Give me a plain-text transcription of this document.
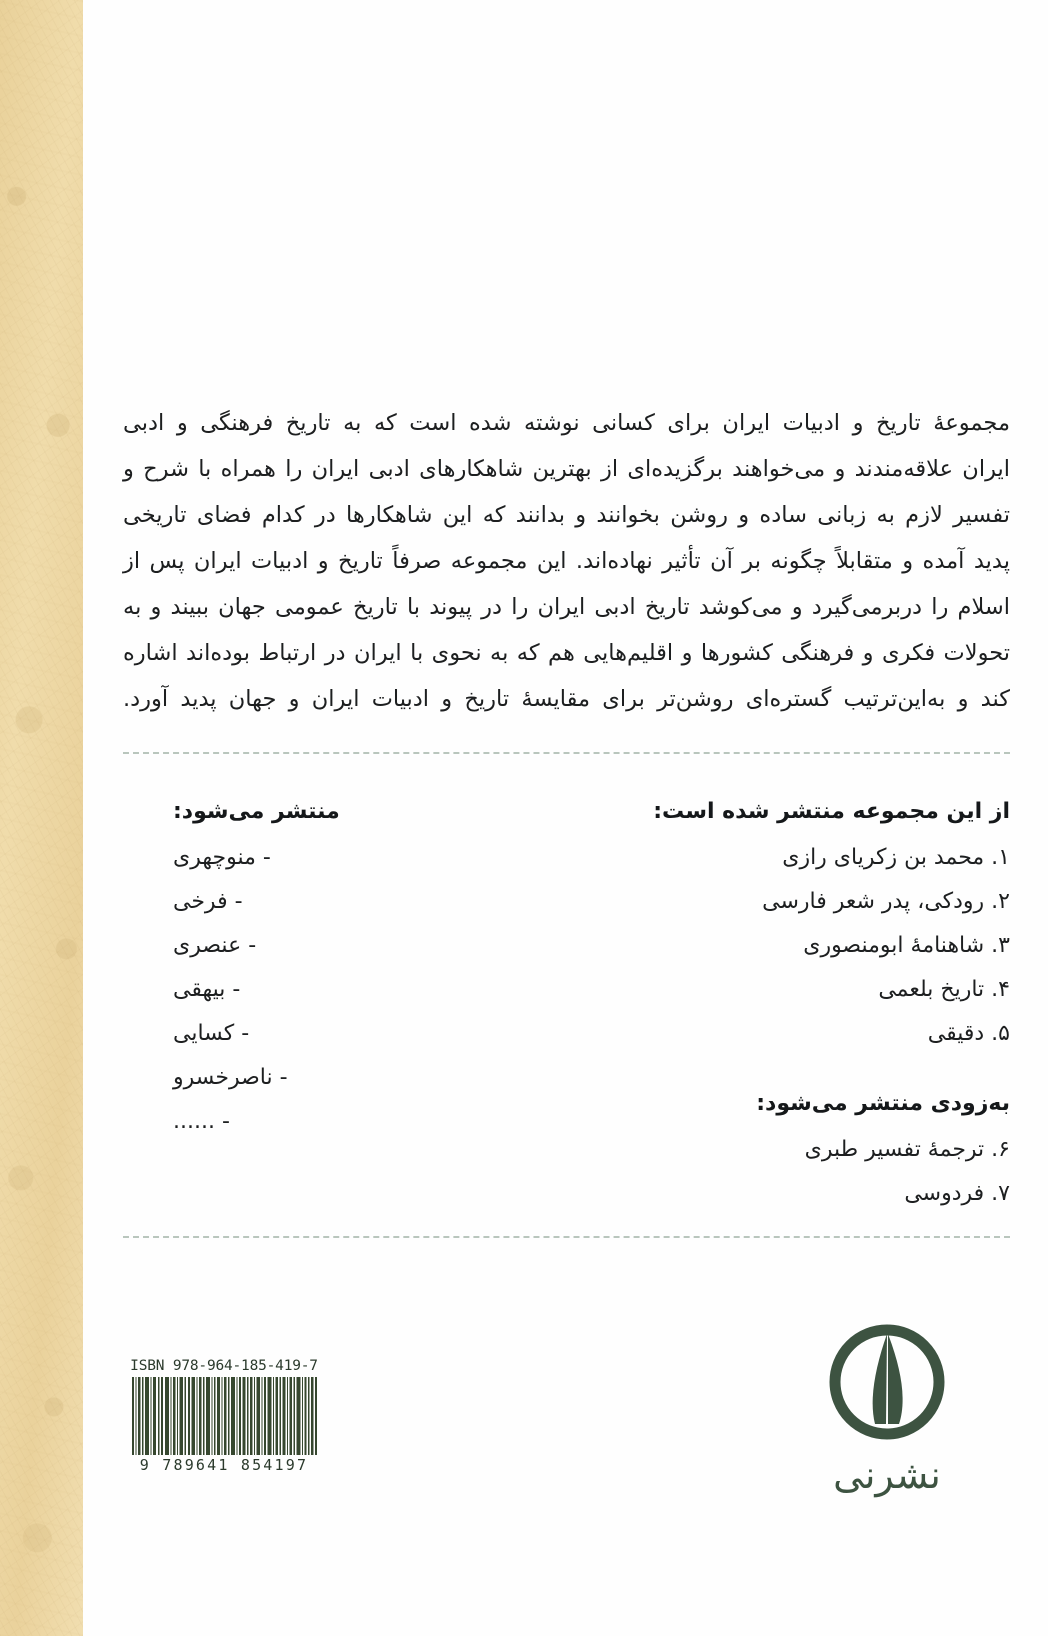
مجموعهٔ تاریخ و ادبیات ایران برای کسانی نوشته شده است که به تاریخ فرهنگی و ادبی
ایران علاقه‌مندند و می‌خواهند برگزیده‌ای از بهترین شاهکارهای ادبی ایران را همراه با شرح و
تفسیر لازم به زبانی ساده و روشن بخوانند و بدانند که این شاهکارها در کدام فضای تاریخی
پدید آمده و متقابلاً چگونه بر آن تأثیر نهاده‌اند. این مجموعه صرفاً تاریخ و ادبیات ایران پس از
اسلام را دربرمی‌گیرد و می‌کوشد تاریخ ادبی ایران را در پیوند با تاریخ عمومی جهان ببیند و به
تحولات فکری و فرهنگی کشورها و اقلیم‌هایی هم که به نحوی با ایران در ارتباط بوده‌اند اشاره
کند و به‌این‌ترتیب گستره‌ای روشن‌تر برای مقایسهٔ تاریخ و ادبیات ایران و جهان پدید آورد.
از این مجموعه منتشر شده است:
۱. محمد بن زکریای رازی
۲. رودکی، پدر شعر فارسی
۳. شاهنامهٔ ابومنصوری
۴. تاریخ بلعمی
۵. دقیقی
به‌زودی منتشر می‌شود:
۶. ترجمهٔ تفسیر طبری
۷. فردوسی
منتشر می‌شود:
- منوچهری
- فرخی
- عنصری
- بیهقی
- کسایی
- ناصرخسرو
- ......
ISBN 978-964-185-419-7
9 789641 854197	نشرنی
